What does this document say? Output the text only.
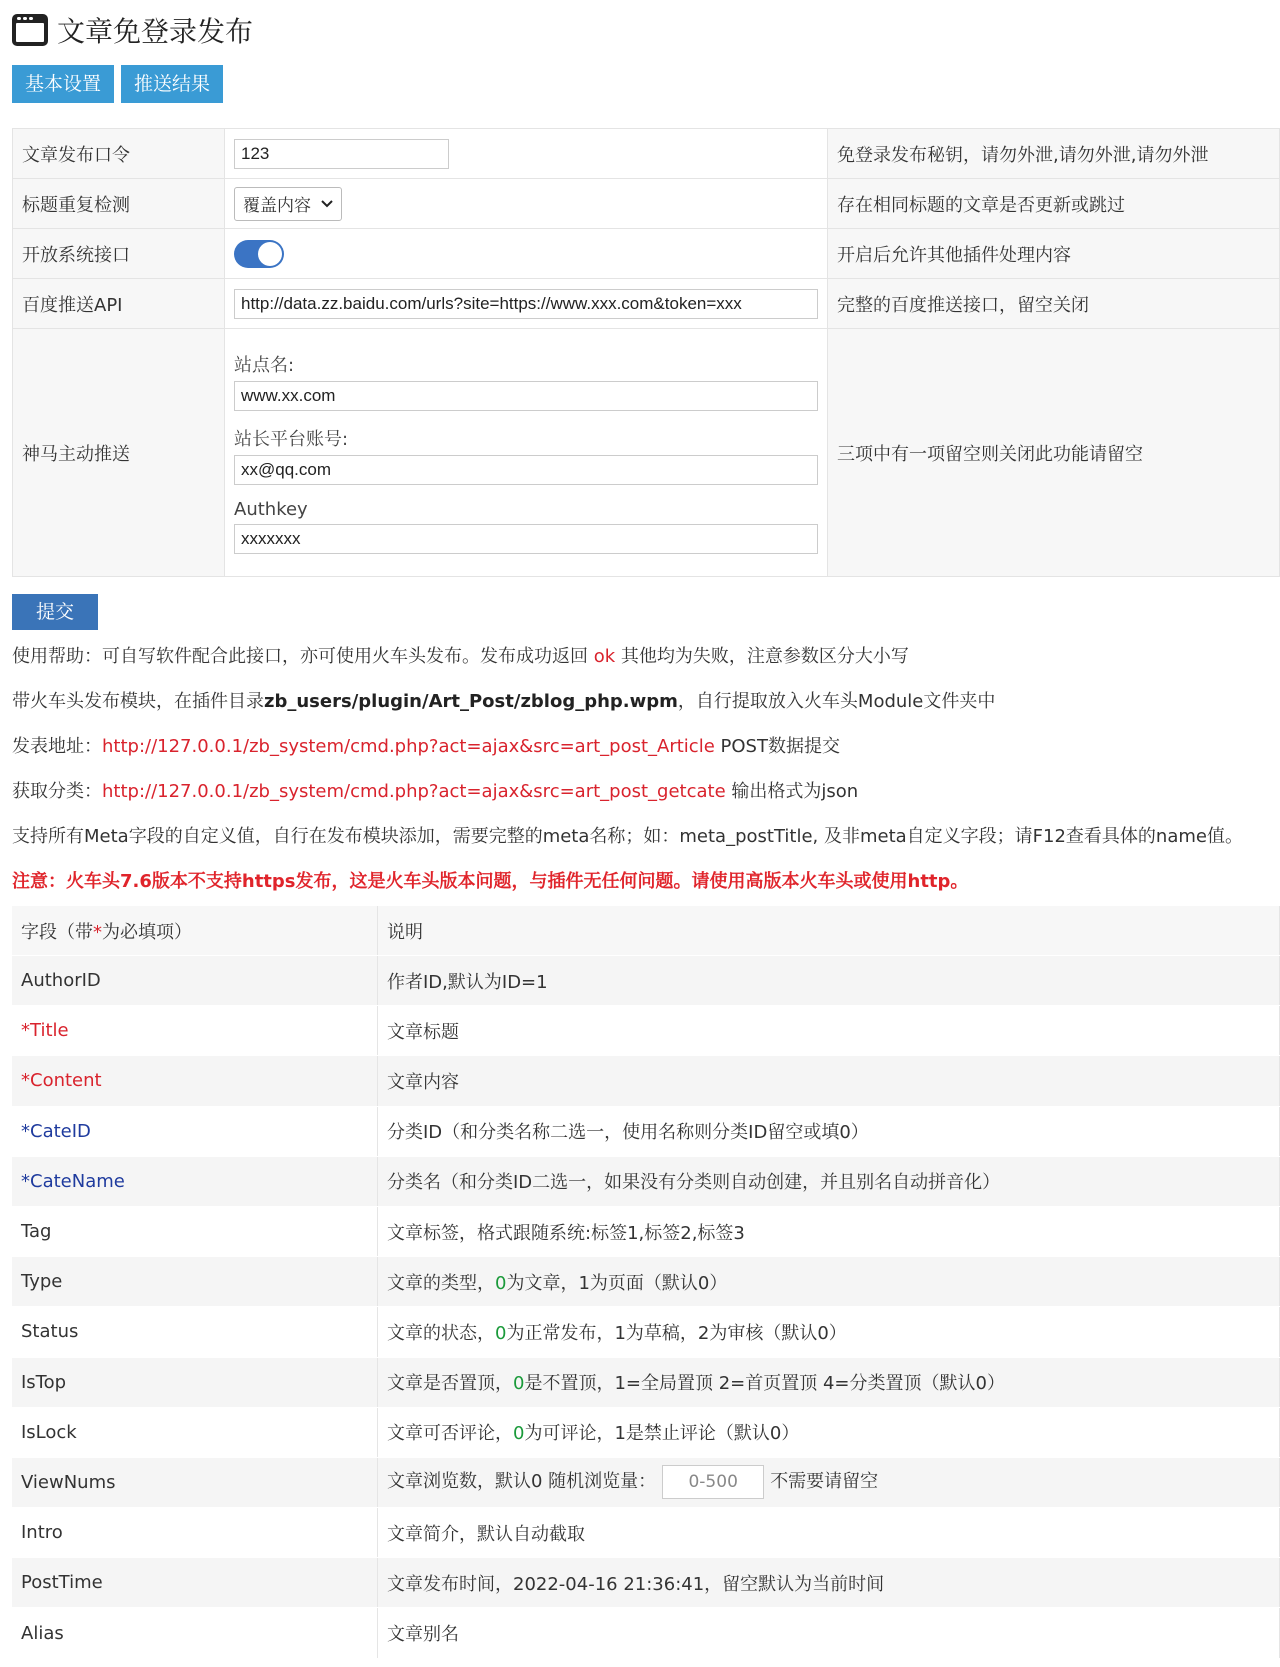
文章免登录发布
基本设置	推送结果
文章发布口令	123	免登录发布秘钥，请勿外泄,请勿外泄,请勿外泄
标题重复检测	覆盖内容	存在相同标题的文章是否更新或跳过
开放系统接口		开启后允许其他插件处理内容
百度推送API	http://data.zz.baidu.com/urls?site=https://www.xxx.com&token=xxx	完整的百度推送接口，留空关闭
神马主动推送	站点名:
www.xx.com
站长平台账号:
xx@qq.com
Authkey
xxxxxxx	三项中有一项留空则关闭此功能请留空
提交
使用帮助：可自写软件配合此接口，亦可使用火车头发布。发布成功返回 ok 其他均为失败，注意参数区分大小写
带火车头发布模块，在插件目录zb_users/plugin/Art_Post/zblog_php.wpm，自行提取放入火车头Module文件夹中
发表地址：http://127.0.0.1/zb_system/cmd.php?act=ajax&src=art_post_Article POST数据提交
获取分类：http://127.0.0.1/zb_system/cmd.php?act=ajax&src=art_post_getcate 输出格式为json
支持所有Meta字段的自定义值，自行在发布模块添加，需要完整的meta名称；如：meta_postTitle, 及非meta自定义字段；请F12查看具体的name值。
注意：火车头7.6版本不支持https发布，这是火车头版本问题，与插件无任何问题。请使用高版本火车头或使用http。
字段（带*为必填项）	说明
AuthorID	作者ID,默认为ID=1
*Title	文章标题
*Content	文章内容
*CateID	分类ID（和分类名称二选一，使用名称则分类ID留空或填0）
*CateName	分类名（和分类ID二选一，如果没有分类则自动创建，并且别名自动拼音化）
Tag	文章标签，格式跟随系统:标签1,标签2,标签3
Type	文章的类型，0为文章，1为页面（默认0）
Status	文章的状态，0为正常发布，1为草稿，2为审核（默认0）
IsTop	文章是否置顶，0是不置顶，1=全局置顶 2=首页置顶 4=分类置顶（默认0）
IsLock	文章可否评论，0为可评论，1是禁止评论（默认0）
ViewNums	文章浏览数，默认0 随机浏览量： 0-500 不需要请留空
Intro	文章简介，默认自动截取
PostTime	文章发布时间，2022-04-16 21:36:41，留空默认为当前时间
Alias	文章别名
